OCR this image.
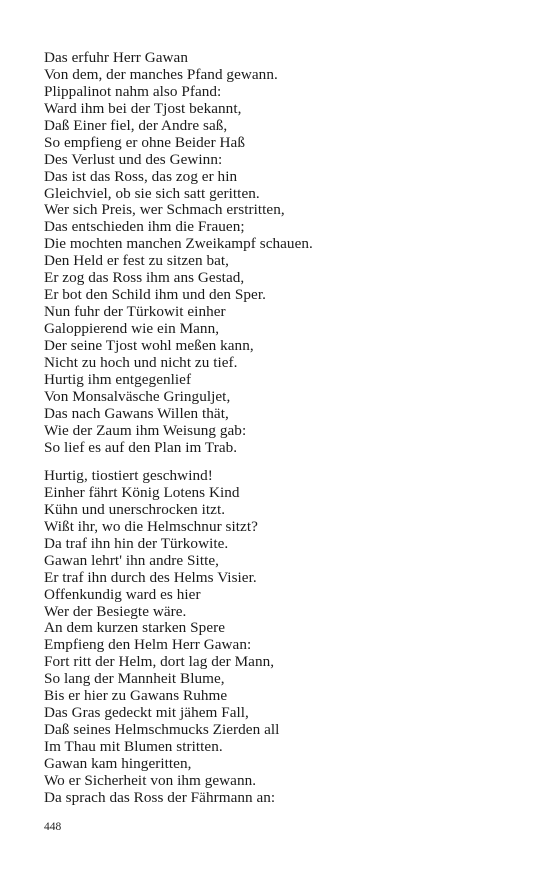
Das erfuhr Herr Gawan
Von dem, der manches Pfand gewann.
Plippalinot nahm also Pfand:
Ward ihm bei der Tjost bekannt,
Daß Einer fiel, der Andre saß,
So empfieng er ohne Beider Haß
Des Verlust und des Gewinn:
Das ist das Ross, das zog er hin
Gleichviel, ob sie sich satt geritten.
Wer sich Preis, wer Schmach erstritten,
Das entschieden ihm die Frauen;
Die mochten manchen Zweikampf schauen.
Den Held er fest zu sitzen bat,
Er zog das Ross ihm ans Gestad,
Er bot den Schild ihm und den Sper.
Nun fuhr der Türkowit einher
Galoppierend wie ein Mann,
Der seine Tjost wohl meßen kann,
Nicht zu hoch und nicht zu tief.
Hurtig ihm entgegenlief
Von Monsalväsche Gringuljet,
Das nach Gawans Willen thät,
Wie der Zaum ihm Weisung gab:
So lief es auf den Plan im Trab.
Hurtig, tiostiert geschwind!
Einher fährt König Lotens Kind
Kühn und unerschrocken itzt.
Wißt ihr, wo die Helmschnur sitzt?
Da traf ihn hin der Türkowite.
Gawan lehrt' ihn andre Sitte,
Er traf ihn durch des Helms Visier.
Offenkundig ward es hier
Wer der Besiegte wäre.
An dem kurzen starken Spere
Empfieng den Helm Herr Gawan:
Fort ritt der Helm, dort lag der Mann,
So lang der Mannheit Blume,
Bis er hier zu Gawans Ruhme
Das Gras gedeckt mit jähem Fall,
Daß seines Helmschmucks Zierden all
Im Thau mit Blumen stritten.
Gawan kam hingeritten,
Wo er Sicherheit von ihm gewann.
Da sprach das Ross der Fährmann an:
448
